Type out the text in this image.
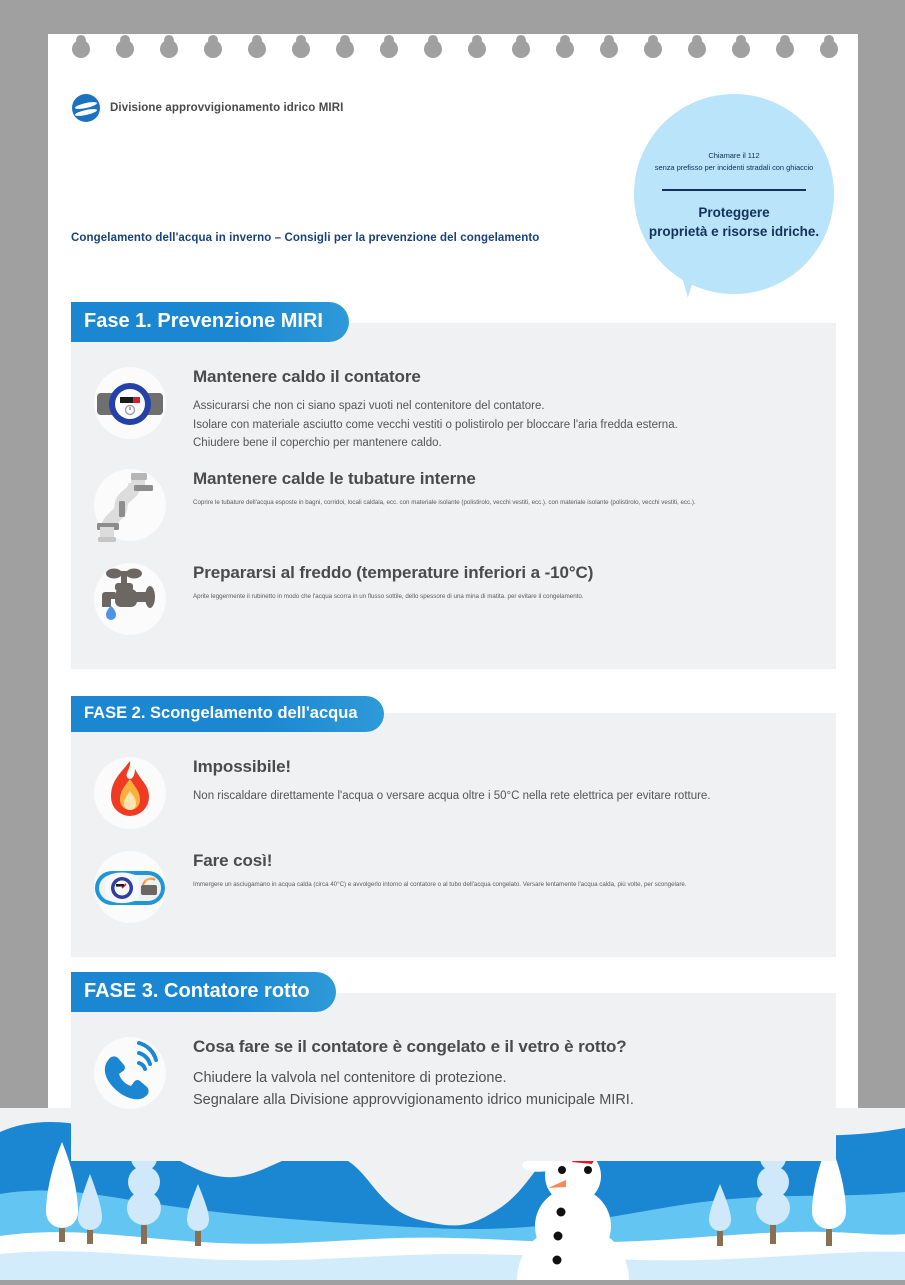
Divisione approvvigionamento idrico MIRI
Congelamento dell'acqua in inverno – Consigli per la prevenzione del congelamento
Chiamare il 112
senza prefisso per incidenti stradali con ghiaccio
Proteggere
proprietà e risorse idriche.
Fase 1. Prevenzione MIRI
Mantenere caldo il contatore
Assicurarsi che non ci siano spazi vuoti nel contenitore del contatore.
Isolare con materiale asciutto come vecchi vestiti o polistirolo per bloccare l'aria fredda esterna.
Chiudere bene il coperchio per mantenere caldo.
Mantenere calde le tubature interne
Coprire le tubature dell'acqua esposte in bagni, corridoi, locali caldaia, ecc. con materiale isolante (polistirolo, vecchi vestiti, ecc.). con materiale isolante (polistirolo, vecchi vestiti, ecc.).
Prepararsi al freddo (temperature inferiori a -10°C)
Aprite leggermente il rubinetto in modo che l'acqua scorra in un flusso sottile, dello spessore di una mina di matita. per evitare il congelamento.
FASE 2. Scongelamento dell'acqua
Impossibile!
Non riscaldare direttamente l'acqua o versare acqua oltre i 50°C nella rete elettrica per evitare rotture.
Fare così!
Immergere un asciugamano in acqua calda (circa 40°C) e avvolgerlo intorno al contatore o al tubo dell'acqua congelato. Versare lentamente l'acqua calda, più volte, per scongelare.
FASE 3. Contatore rotto
Cosa fare se il contatore è congelato e il vetro è rotto?
Chiudere la valvola nel contenitore di protezione.
Segnalare alla Divisione approvvigionamento idrico municipale MIRI.
